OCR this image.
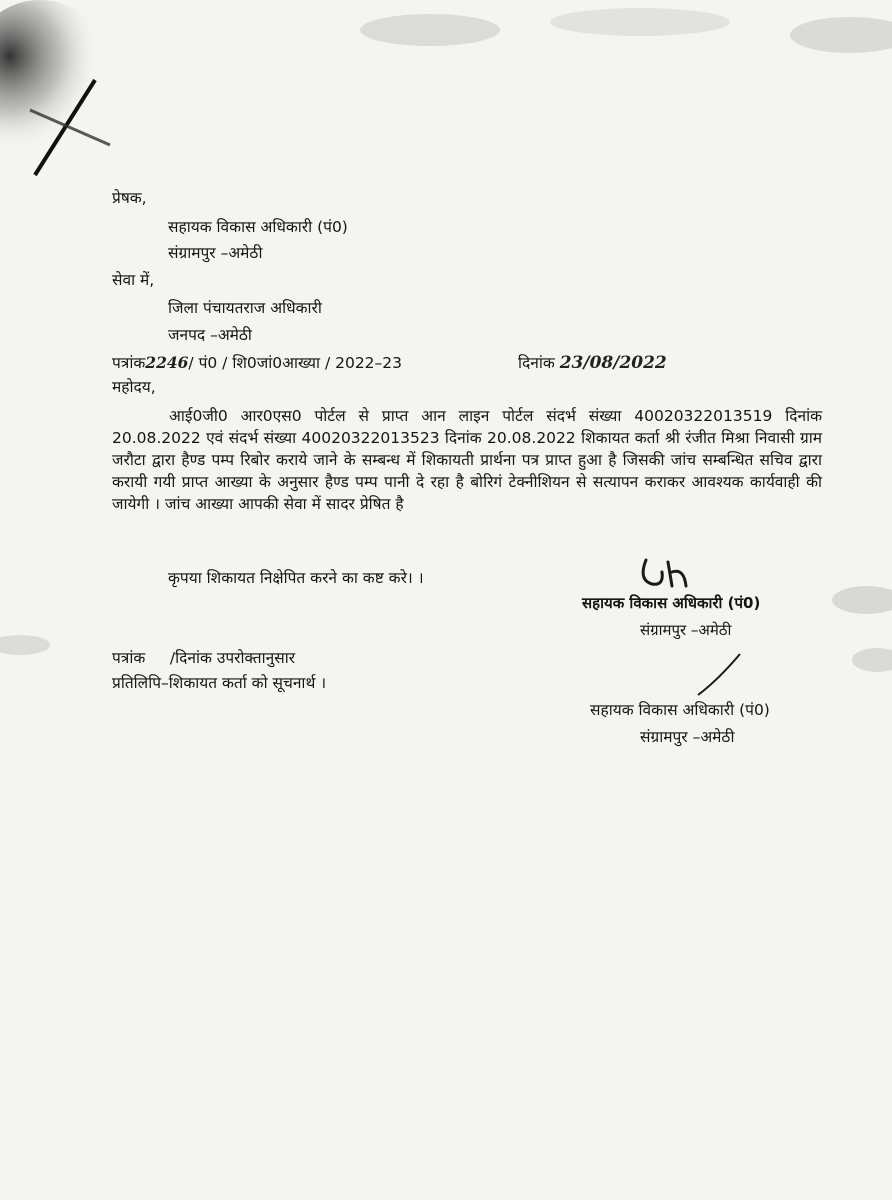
प्रेषक,
सहायक विकास अधिकारी (पं0)
संग्रामपुर –अमेठी
सेवा में,
जिला पंचायतराज अधिकारी
जनपद –अमेठी
पत्रांक2246/ पं0 / शि0जां0आख्या / 2022–23	दिनांक 23/08/2022
महोदय,
आई0जी0 आर0एस0 पोर्टल से प्राप्त आन लाइन पोर्टल संदर्भ संख्या 40020322013519 दिनांक 20.08.2022 एवं संदर्भ संख्या 40020322013523 दिनांक 20.08.2022 शिकायत कर्ता श्री रंजीत मिश्रा निवासी ग्राम जरौटा द्वारा हैण्ड पम्प रिबोर कराये जाने के सम्बन्ध में शिकायती प्रार्थना पत्र प्राप्त हुआ है जिसकी जांच सम्बन्धित सचिव द्वारा करायी गयी प्राप्त आख्या के अनुसार हैण्ड पम्प पानी दे रहा है बोरिगं टेक्नीशियन से सत्यापन कराकर आवश्यक कार्यवाही की जायेगी । जांच आख्या आपकी सेवा में सादर प्रेषित है
कृपया शिकायत निक्षेपित करने का कष्ट करे। ।
सहायक विकास अधिकारी (पं0)
संग्रामपुर –अमेठी
पत्रांक     /दिनांक उपरोक्तानुसार
प्रतिलिपि–शिकायत कर्ता को सूचनार्थ ।
सहायक विकास अधिकारी (पं0)
संग्रामपुर –अमेठी
